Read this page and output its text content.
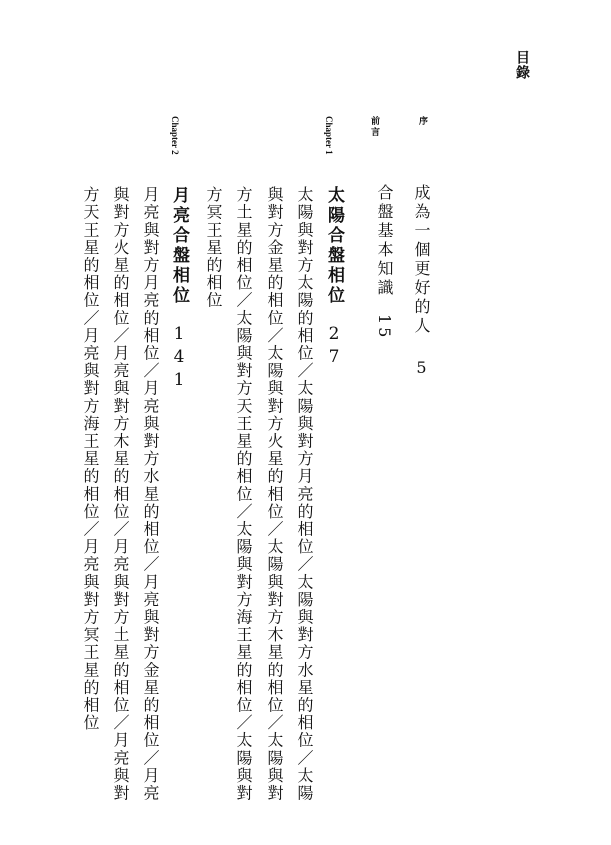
目錄
序
成為一個更好的人5
前言
合盤基本知識15
Chapter 1
太陽合盤相位27
太陽與對方太陽的相位／太陽與對方月亮的相位／太陽與對方水星的相位／太陽
與對方金星的相位／太陽與對方火星的相位／太陽與對方木星的相位／太陽與對
方土星的相位／太陽與對方天王星的相位／太陽與對方海王星的相位／太陽與對
方冥王星的相位
Chapter 2
月亮合盤相位141
月亮與對方月亮的相位／月亮與對方水星的相位／月亮與對方金星的相位／月亮
與對方火星的相位／月亮與對方木星的相位／月亮與對方土星的相位／月亮與對
方天王星的相位／月亮與對方海王星的相位／月亮與對方冥王星的相位
